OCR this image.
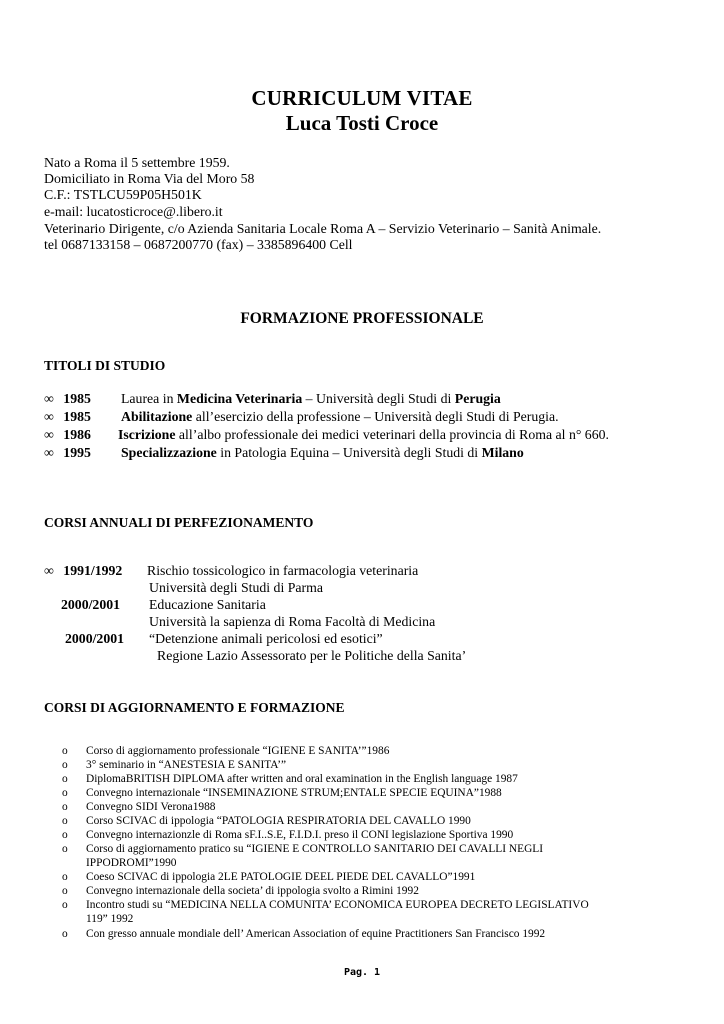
CURRICULUM VITAE
Luca Tosti Croce
Nato a Roma il 5 settembre 1959.
Domiciliato in Roma Via del Moro 58
C.F.: TSTLCU59P05H501K
e-mail: lucatosticroce@.libero.it
Veterinario Dirigente, c/o Azienda Sanitaria Locale Roma A – Servizio Veterinario – Sanità Animale.
tel 0687133158 – 0687200770 (fax) – 3385896400 Cell
FORMAZIONE PROFESSIONALE
TITOLI DI STUDIO
∞ 1985 Laurea in Medicina Veterinaria – Università degli Studi di Perugia
∞ 1985 Abilitazione all’esercizio della professione – Università degli Studi di Perugia.
∞ 1986 Iscrizione all’albo professionale dei medici veterinari della provincia di Roma al n° 660.
∞ 1995 Specializzazione in Patologia Equina – Università degli Studi di Milano
CORSI ANNUALI DI PERFEZIONAMENTO
∞ 1991/1992 Rischio tossicologico in farmacologia veterinaria
Università degli Studi di Parma
2000/2001 Educazione Sanitaria
Università la sapienza di Roma Facoltà di Medicina
2000/2001 “Detenzione animali pericolosi ed esotici”
Regione Lazio Assessorato per le Politiche della Sanita’
CORSI DI AGGIORNAMENTO E FORMAZIONE
o Corso di aggiornamento professionale “IGIENE E SANITA’”1986
o 3° seminario in “ANESTESIA E SANITA’”
o DiplomaBRITISH DIPLOMA after written and oral examination in the English language 1987
o Convegno internazionale “INSEMINAZIONE STRUM;ENTALE SPECIE EQUINA”1988
o Convegno SIDI Verona1988
o Corso SCIVAC di ippologia “PATOLOGIA RESPIRATORIA DEL CAVALLO 1990
o Convegno internazionzle di Roma sF.I..S.E, F.I.D.I. preso il CONI legislazione Sportiva 1990
o Corso di aggiornamento pratico su “IGIENE E CONTROLLO SANITARIO DEI CAVALLI NEGLI
IPPODROMI”1990
o Coeso SCIVAC di ippologia 2LE PATOLOGIE DEEL PIEDE DEL CAVALLO”1991
o Convegno internazionale della societa’ di ippologia svolto a Rimini 1992
o Incontro studi su “MEDICINA NELLA COMUNITA’ ECONOMICA EUROPEA DECRETO LEGISLATIVO
119” 1992
o Con gresso annuale mondiale dell’ American Association of equine Practitioners San Francisco 1992
Pag. 1
